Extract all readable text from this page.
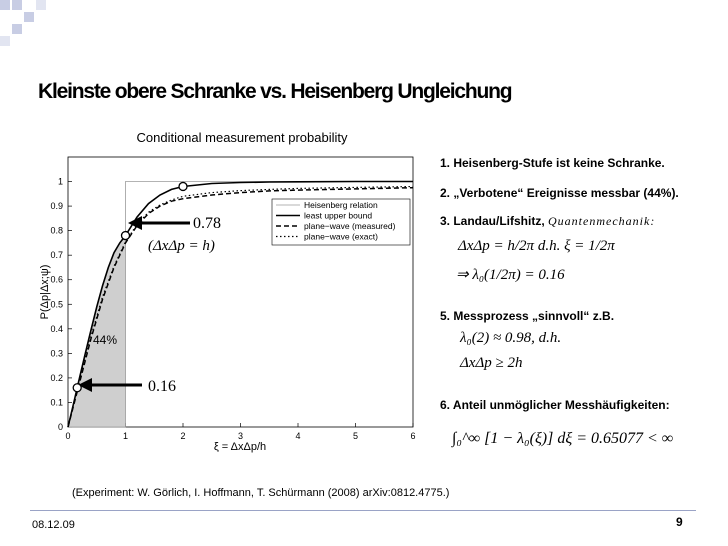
Kleinste obere Schranke vs. Heisenberg Ungleichung
Conditional measurement probability
0	1	2	3	4	5	6
0
0.1
0.2
0.3
0.4
0.5
0.6
0.7
0.8
0.9
1
Heisenberg relation
least upper bound
plane−wave (measured)
plane−wave (exact)
44%
0.78
(ΔxΔp = h)
0.16
ξ = ΔxΔp/h
P(Δp|Δx;ψ)
1. Heisenberg-Stufe ist keine Schranke.
2. „Verbotene“ Ereignisse messbar (44%).
3. Landau/Lifshitz, Quantenmechanik:
ΔxΔp = h/2π d.h. ξ = 1/2π
⇒ λ₀(1/2π) = 0.16
5. Messprozess „sinnvoll“ z.B.
λ₀(2) ≈ 0.98, d.h.
ΔxΔp ≥ 2h
6. Anteil unmöglicher Messhäufigkeiten:
∫₀^∞ [1 − λ₀(ξ)] dξ = 0.65077 < ∞
(Experiment: W. Görlich, I. Hoffmann, T. Schürmann (2008) arXiv:0812.4775.)
08.12.09	9
